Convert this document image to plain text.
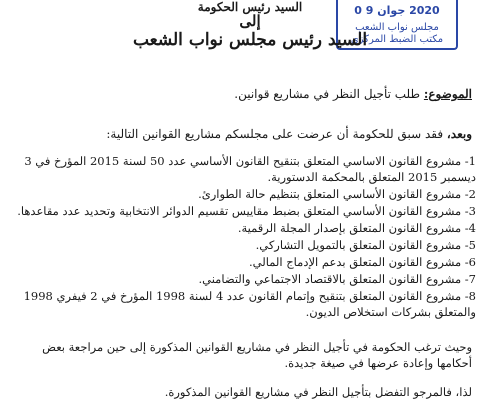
2020 جوان 9 0
مجلس نواب الشعب
مكتب الضبط المركزي
السيد رئيس الحكومة
إلى
السيد رئيس مجلس نواب الشعب
الموضوع: طلب تأجيل النظر في مشاريع قوانين.
وبعد، فقد سبق للحكومة أن عرضت على مجلسكم مشاريع القوانين التالية:
1- مشروع القانون الاساسي المتعلق بتنقيح القانون الأساسي عدد 50 لسنة 2015 المؤرخ في 3 ديسمبر 2015 المتعلق بالمحكمة الدستورية.
2- مشروع القانون الأساسي المتعلق بتنظيم حالة الطوارئ.
3- مشروع القانون الأساسي المتعلق بضبط مقاييس تقسيم الدوائر الانتخابية وتحديد عدد مقاعدها.
4- مشروع القانون المتعلق بإصدار المجلة الرقمية.
5- مشروع القانون المتعلق بالتمويل التشاركي.
6- مشروع القانون المتعلق بدعم الإدماج المالي.
7- مشروع القانون المتعلق بالاقتصاد الاجتماعي والتضامني.
8- مشروع القانون المتعلق بتنقيح وإتمام القانون عدد 4 لسنة 1998 المؤرخ في 2 فيفري 1998 والمتعلق بشركات استخلاص الديون.
وحيث ترغب الحكومة في تأجيل النظر في مشاريع القوانين المذكورة إلى حين مراجعة بعض أحكامها وإعادة عرضها في صيغة جديدة.
لذا، فالمرجو التفضل بتأجيل النظر في مشاريع القوانين المذكورة.
